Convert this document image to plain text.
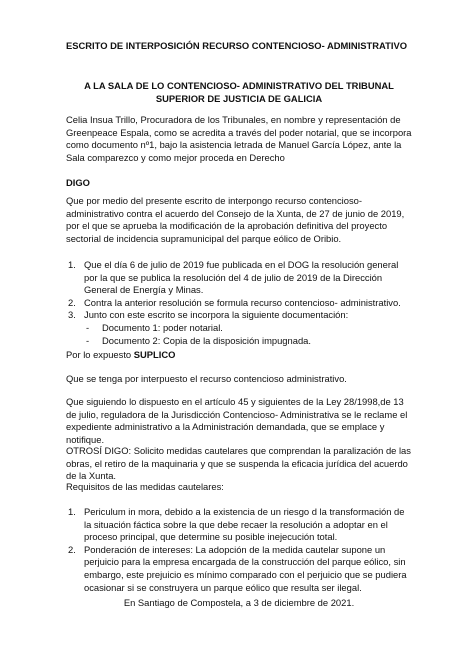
ESCRITO DE INTERPOSICIÓN RECURSO CONTENCIOSO- ADMINISTRATIVO

A LA SALA DE LO CONTENCIOSO- ADMINISTRATIVO DEL TRIBUNAL SUPERIOR DE JUSTICIA DE GALICIA

Celia Insua Trillo, Procuradora de los Tribunales, en nombre y representación de Greenpeace Espala, como se acredita a través del poder notarial, que se incorpora como documento nº1, bajo la asistencia letrada de Manuel García López, ante la Sala comparezco y como mejor proceda en Derecho

DIGO

Que por medio del presente escrito de interpongo recurso contencioso- administrativo contra el acuerdo del Consejo de la Xunta, de 27 de junio de 2019, por el que se aprueba la modificación de la aprobación definitiva del proyecto sectorial de incidencia supramunicipal del parque eólico de Oribio.

1. Que el día 6 de julio de 2019 fue publicada en el DOG la resolución general por la que se publica la resolución del 4 de julio de 2019 de la Dirección General de Energía y Minas.
2. Contra la anterior resolución se formula recurso contencioso- administrativo.
3. Junto con este escrito se incorpora la siguiente documentación:
- Documento 1: poder notarial.
- Documento 2: Copia de la disposición impugnada.

Por lo expuesto SUPLICO

Que se tenga por interpuesto el recurso contencioso administrativo.

Que siguiendo lo dispuesto en el artículo 45 y siguientes de la Ley 28/1998,de 13 de julio, reguladora de la Jurisdicción Contencioso- Administrativa se le reclame el expediente administrativo a la Administración demandada, que se emplace y notifique.

OTROSÍ DIGO: Solicito medidas cautelares que comprendan la paralización de las obras, el retiro de la maquinaria y que se suspenda la eficacia jurídica del acuerdo de la Xunta.

Requisitos de las medidas cautelares:

1. Periculum in mora, debido a la existencia de un riesgo d la transformación de la situación fáctica sobre la que debe recaer la resolución a adoptar en el proceso principal, que determine su posible inejecución total.
2. Ponderación de intereses: La adopción de la medida cautelar supone un perjuicio para la empresa encargada de la construcción del parque eólico, sin embargo, este prejuicio es mínimo comparado con el perjuicio que se pudiera ocasionar si se construyera un parque eólico que resulta ser ilegal.

En Santiago de Compostela, a 3 de diciembre de 2021.
